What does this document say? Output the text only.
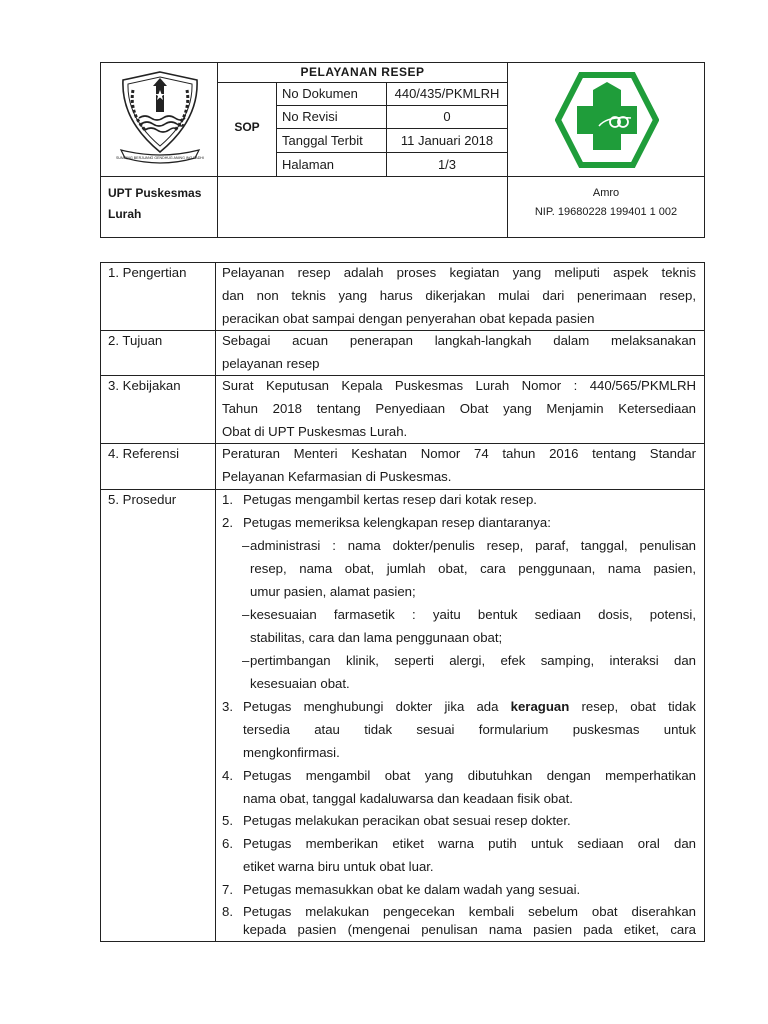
SUMPING BERJUANG GENDHUG ANING ING PADHI
PELAYANAN RESEP
SOP
No Dokumen	440/435/PKMLRH
No Revisi	0
Tanggal Terbit	11 Januari 2018
Halaman	1/3
UPT Puskesmas
Lurah
Amro
NIP. 19680228 199401 1 002
1. Pengertian	Pelayanan resep adalah proses kegiatan yang meliputi aspek teknis
dan non teknis yang harus dikerjakan mulai dari penerimaan resep,
peracikan obat sampai dengan penyerahan obat kepada pasien
2. Tujuan	Sebagai acuan penerapan langkah-langkah dalam melaksanakan
pelayanan resep
3. Kebijakan	Surat Keputusan Kepala Puskesmas Lurah Nomor : 440/565/PKMLRH
Tahun 2018 tentang Penyediaan Obat yang Menjamin Ketersediaan
Obat di UPT Puskesmas Lurah.
4. Referensi	Peraturan Menteri Keshatan Nomor 74 tahun 2016 tentang Standar
Pelayanan Kefarmasian di Puskesmas.
5. Prosedur	1. Petugas mengambil kertas resep dari kotak resep.
2. Petugas memeriksa kelengkapan resep diantaranya:
– administrasi : nama dokter/penulis resep, paraf, tanggal, penulisan
resep, nama obat, jumlah obat, cara penggunaan, nama pasien,
umur pasien, alamat pasien;
– kesesuaian farmasetik : yaitu bentuk sediaan dosis, potensi,
stabilitas, cara dan lama penggunaan obat;
– pertimbangan klinik, seperti alergi, efek samping, interaksi dan
kesesuaian obat.
3. Petugas menghubungi dokter jika ada keraguan resep, obat tidak
tersedia atau tidak sesuai formularium puskesmas untuk
mengkonfirmasi.
4. Petugas mengambil obat yang dibutuhkan dengan memperhatikan
nama obat, tanggal kadaluwarsa dan keadaan fisik obat.
5. Petugas melakukan peracikan obat sesuai resep dokter.
6. Petugas memberikan etiket warna putih untuk sediaan oral dan
etiket warna biru untuk obat luar.
7. Petugas memasukkan obat ke dalam wadah yang sesuai.
8. Petugas melakukan pengecekan kembali sebelum obat diserahkan
kepada pasien (mengenai penulisan nama pasien pada etiket, cara
